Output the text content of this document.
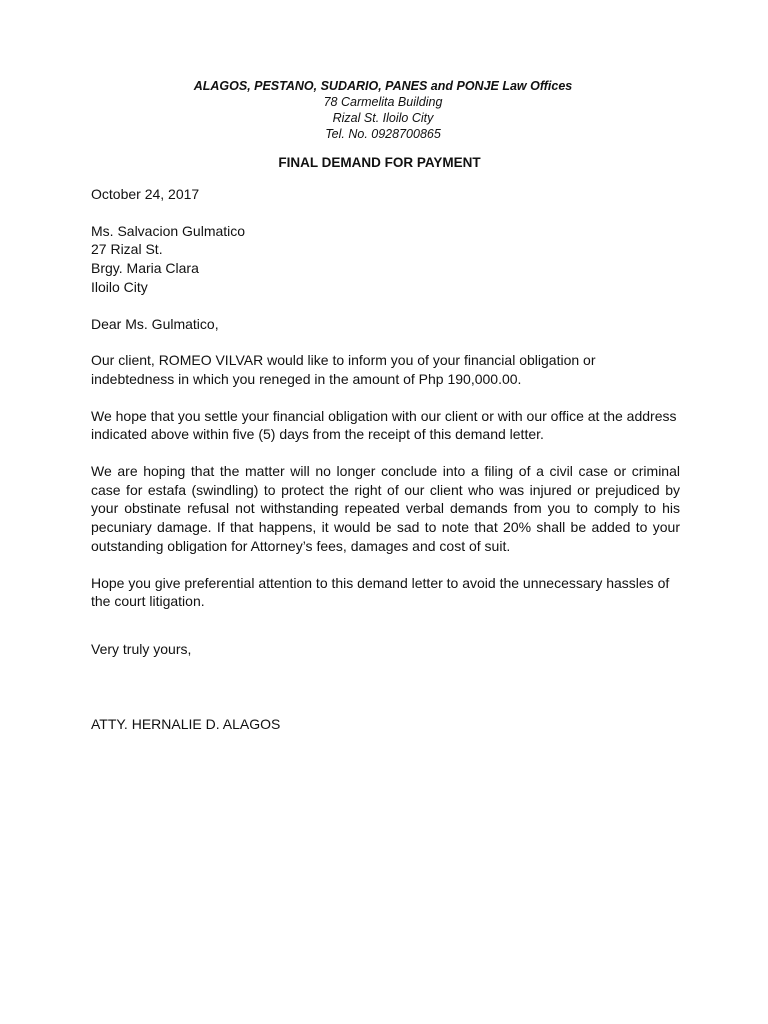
ALAGOS, PESTANO, SUDARIO, PANES and PONJE Law Offices
78 Carmelita Building
Rizal St. Iloilo City
Tel. No. 0928700865
FINAL DEMAND FOR PAYMENT
October 24, 2017
Ms. Salvacion Gulmatico
27 Rizal St.
Brgy. Maria Clara
Iloilo City
Dear Ms. Gulmatico,
Our client, ROMEO VILVAR would like to inform you of your financial obligation or indebtedness in which you reneged in the amount of Php 190,000.00.
We hope that you settle your financial obligation with our client or with our office at the address indicated above within five (5) days from the receipt of this demand letter.
We are hoping that the matter will no longer conclude into a filing of a civil case or criminal case for estafa (swindling) to protect the right of our client who was injured or prejudiced by your obstinate refusal not withstanding repeated verbal demands from you to comply to his pecuniary damage. If that happens, it would be sad to note that 20% shall be added to your outstanding obligation for Attorney’s fees, damages and cost of suit.
Hope you give preferential attention to this demand letter to avoid the unnecessary hassles of the court litigation.
Very truly yours,
ATTY. HERNALIE D. ALAGOS
